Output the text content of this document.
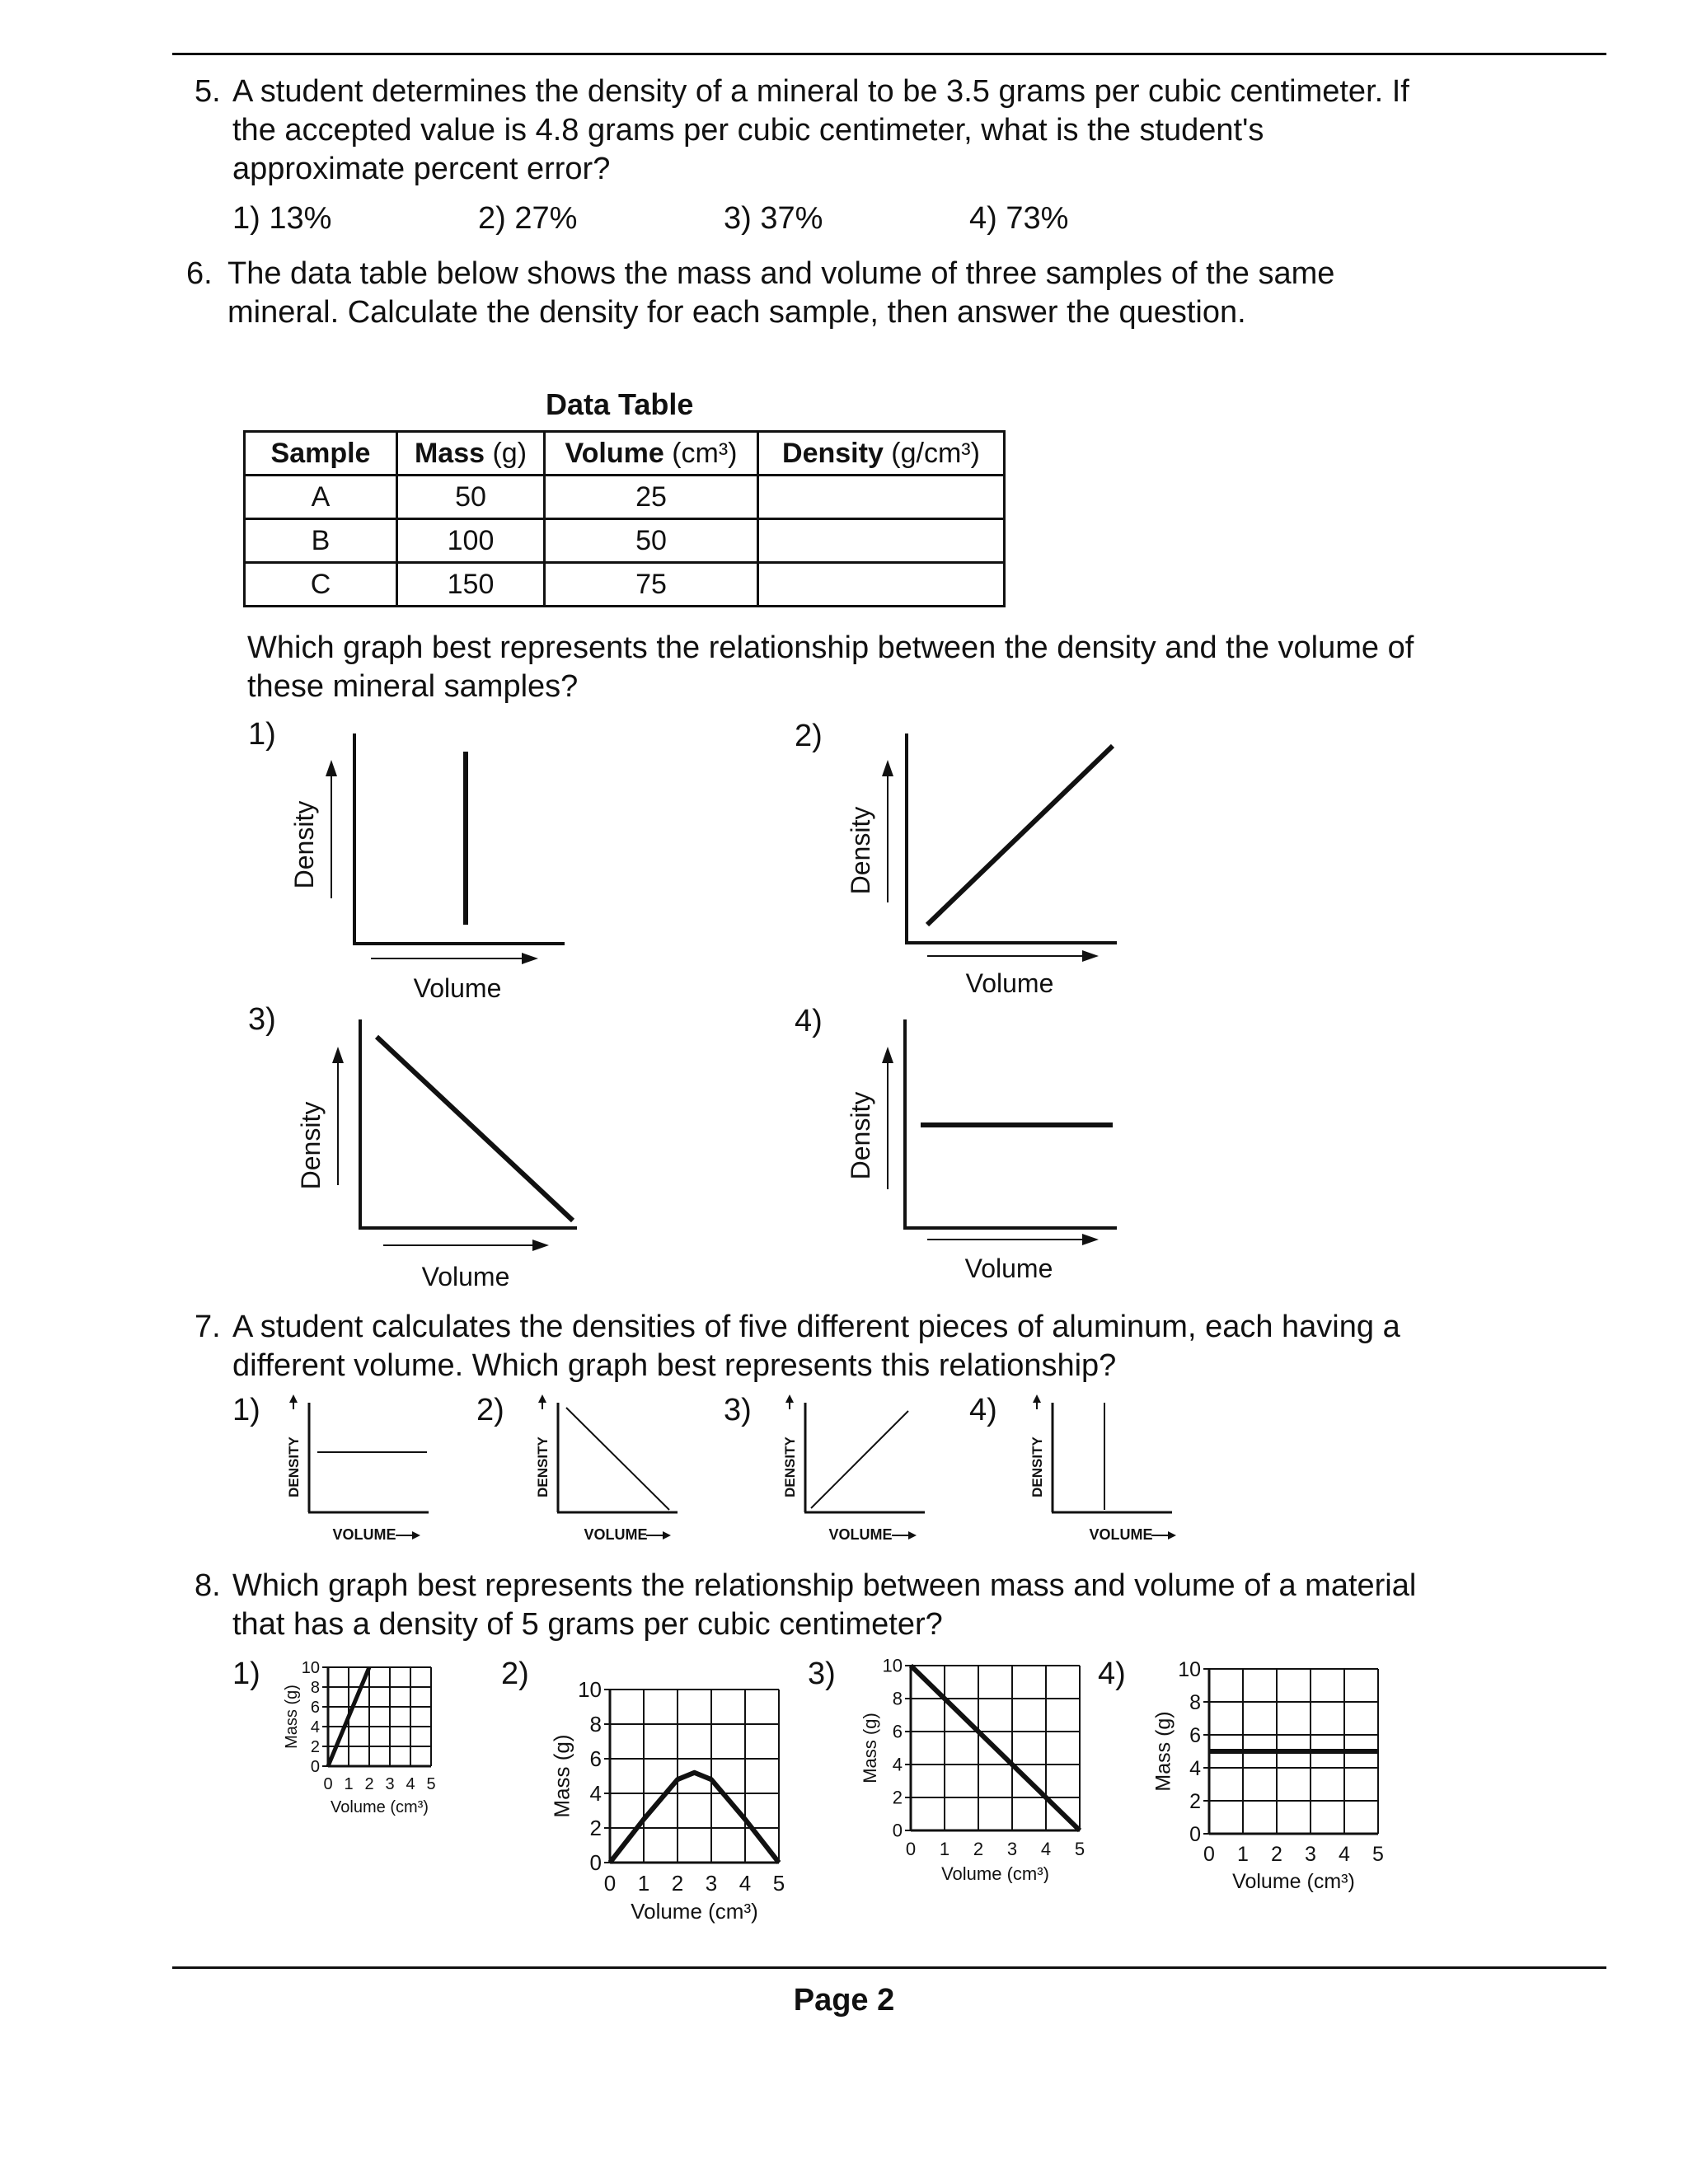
5. A student determines the density of a mineral to be 3.5 grams per cubic centimeter. If
the accepted value is 4.8 grams per cubic centimeter, what is the student's
approximate percent error?
1) 13%	2) 27%	3) 37%	4) 73%
6. The data table below shows the mass and volume of three samples of the same
mineral. Calculate the density for each sample, then answer the question.
Data Table
Sample	Mass (g)	Volume (cm³)	Density (g/cm³)
A	50	25	
B	100	50	
C	150	75	
Which graph best represents the relationship between the density and the volume of
these mineral samples?
1)	2)
3)	4)
Density
Volume
Density
Volume
Density
Volume
Density
Volume
7. A student calculates the densities of five different pieces of aluminum, each having a
different volume. Which graph best represents this relationship?
1)	2)	3)	4)
DENSITY
VOLUME
DENSITY
VOLUME
DENSITY
VOLUME
DENSITY
VOLUME
8. Which graph best represents the relationship between mass and volume of a material
that has a density of 5 grams per cubic centimeter?
1)	2)	3)	4)
0
2
4
6
8
10
0 1 2 3 4 5
Volume (cm³)
Mass (g)
0
2
4
6
8
10
0 1 2 3 4 5
Volume (cm³)
Mass (g)
0
2
4
6
8
10
0 1 2 3 4 5
Volume (cm³)
Mass (g)
0
2
4
6
8
10
0 1 2 3 4 5
Volume (cm³)
Mass (g)
Page 2
